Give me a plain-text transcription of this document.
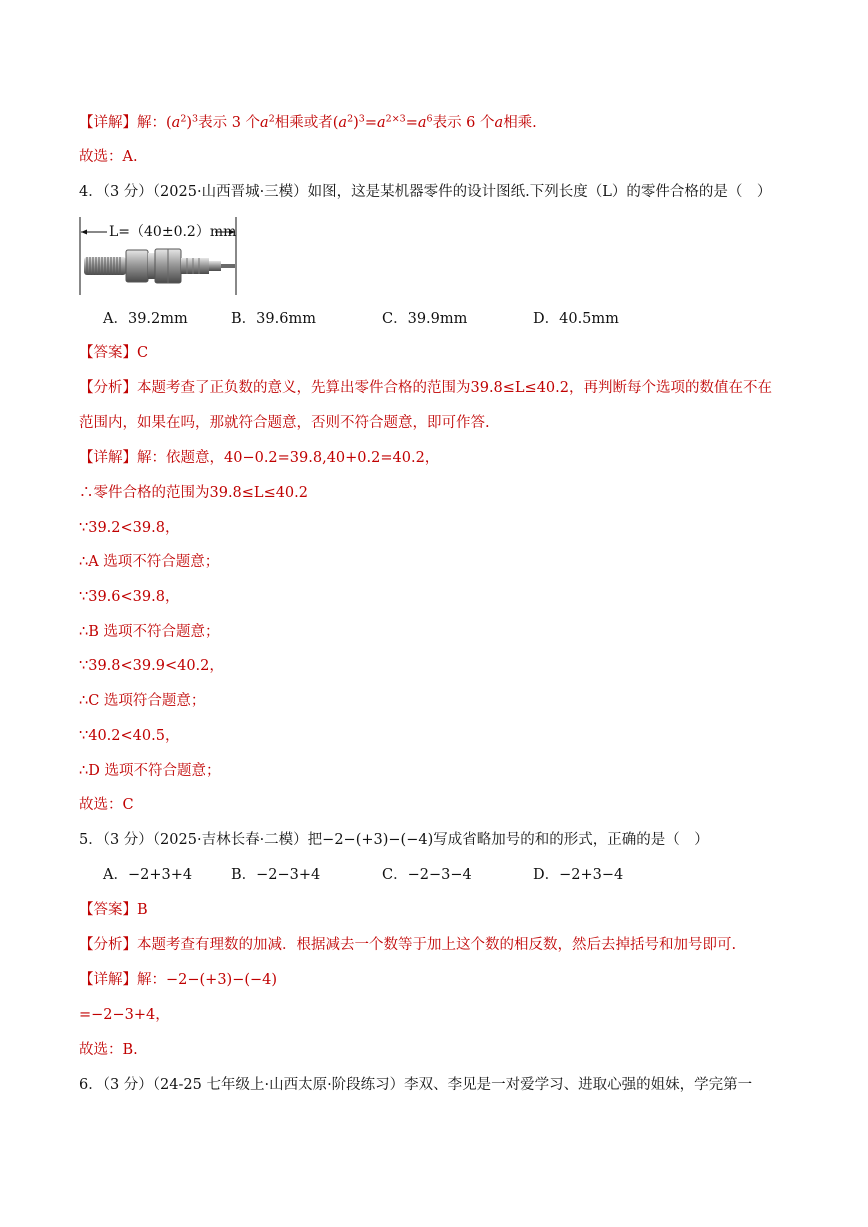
【详解】解：$(a^2)^3$表示 3 个$a^2$相乘或者$(a^2)^3=a^{2\times 3}=a^6$表示 6 个a相乘.
故选：A.
4．（3 分）（2025·山西晋城·三模）如图，这是某机器零件的设计图纸.下列长度（L）的零件合格的是（　）
L=（40±0.2）mm
A．39.2mm	B．39.6mm	C．39.9mm	D．40.5mm
【答案】C
【分析】本题考查了正负数的意义，先算出零件合格的范围为39.8≤L≤40.2，再判断每个选项的数值在不在
范围内，如果在吗，那就符合题意，否则不符合题意，即可作答.
【详解】解：依题意，40−0.2=39.8,40+0.2=40.2，
∴零件合格的范围为39.8≤L≤40.2
∵39.2<39.8，
∴A 选项不符合题意；
∵39.6<39.8，
∴B 选项不符合题意；
∵39.8<39.9<40.2，
∴C 选项符合题意；
∵40.2<40.5，
∴D 选项不符合题意；
故选：C
5．（3 分）（2025·吉林长春·二模）把−2−(+3)−(−4)写成省略加号的和的形式，正确的是（　）
A．−2+3+4	B．−2−3+4	C．−2−3−4	D．−2+3−4
【答案】B
【分析】本题考查有理数的加减．根据减去一个数等于加上这个数的相反数，然后去掉括号和加号即可.
【详解】解：−2−(+3)−(−4)
=−2−3+4，
故选：B.
6．（3 分）（24-25 七年级上·山西太原·阶段练习）李双、李见是一对爱学习、进取心强的姐妹，学完第一
